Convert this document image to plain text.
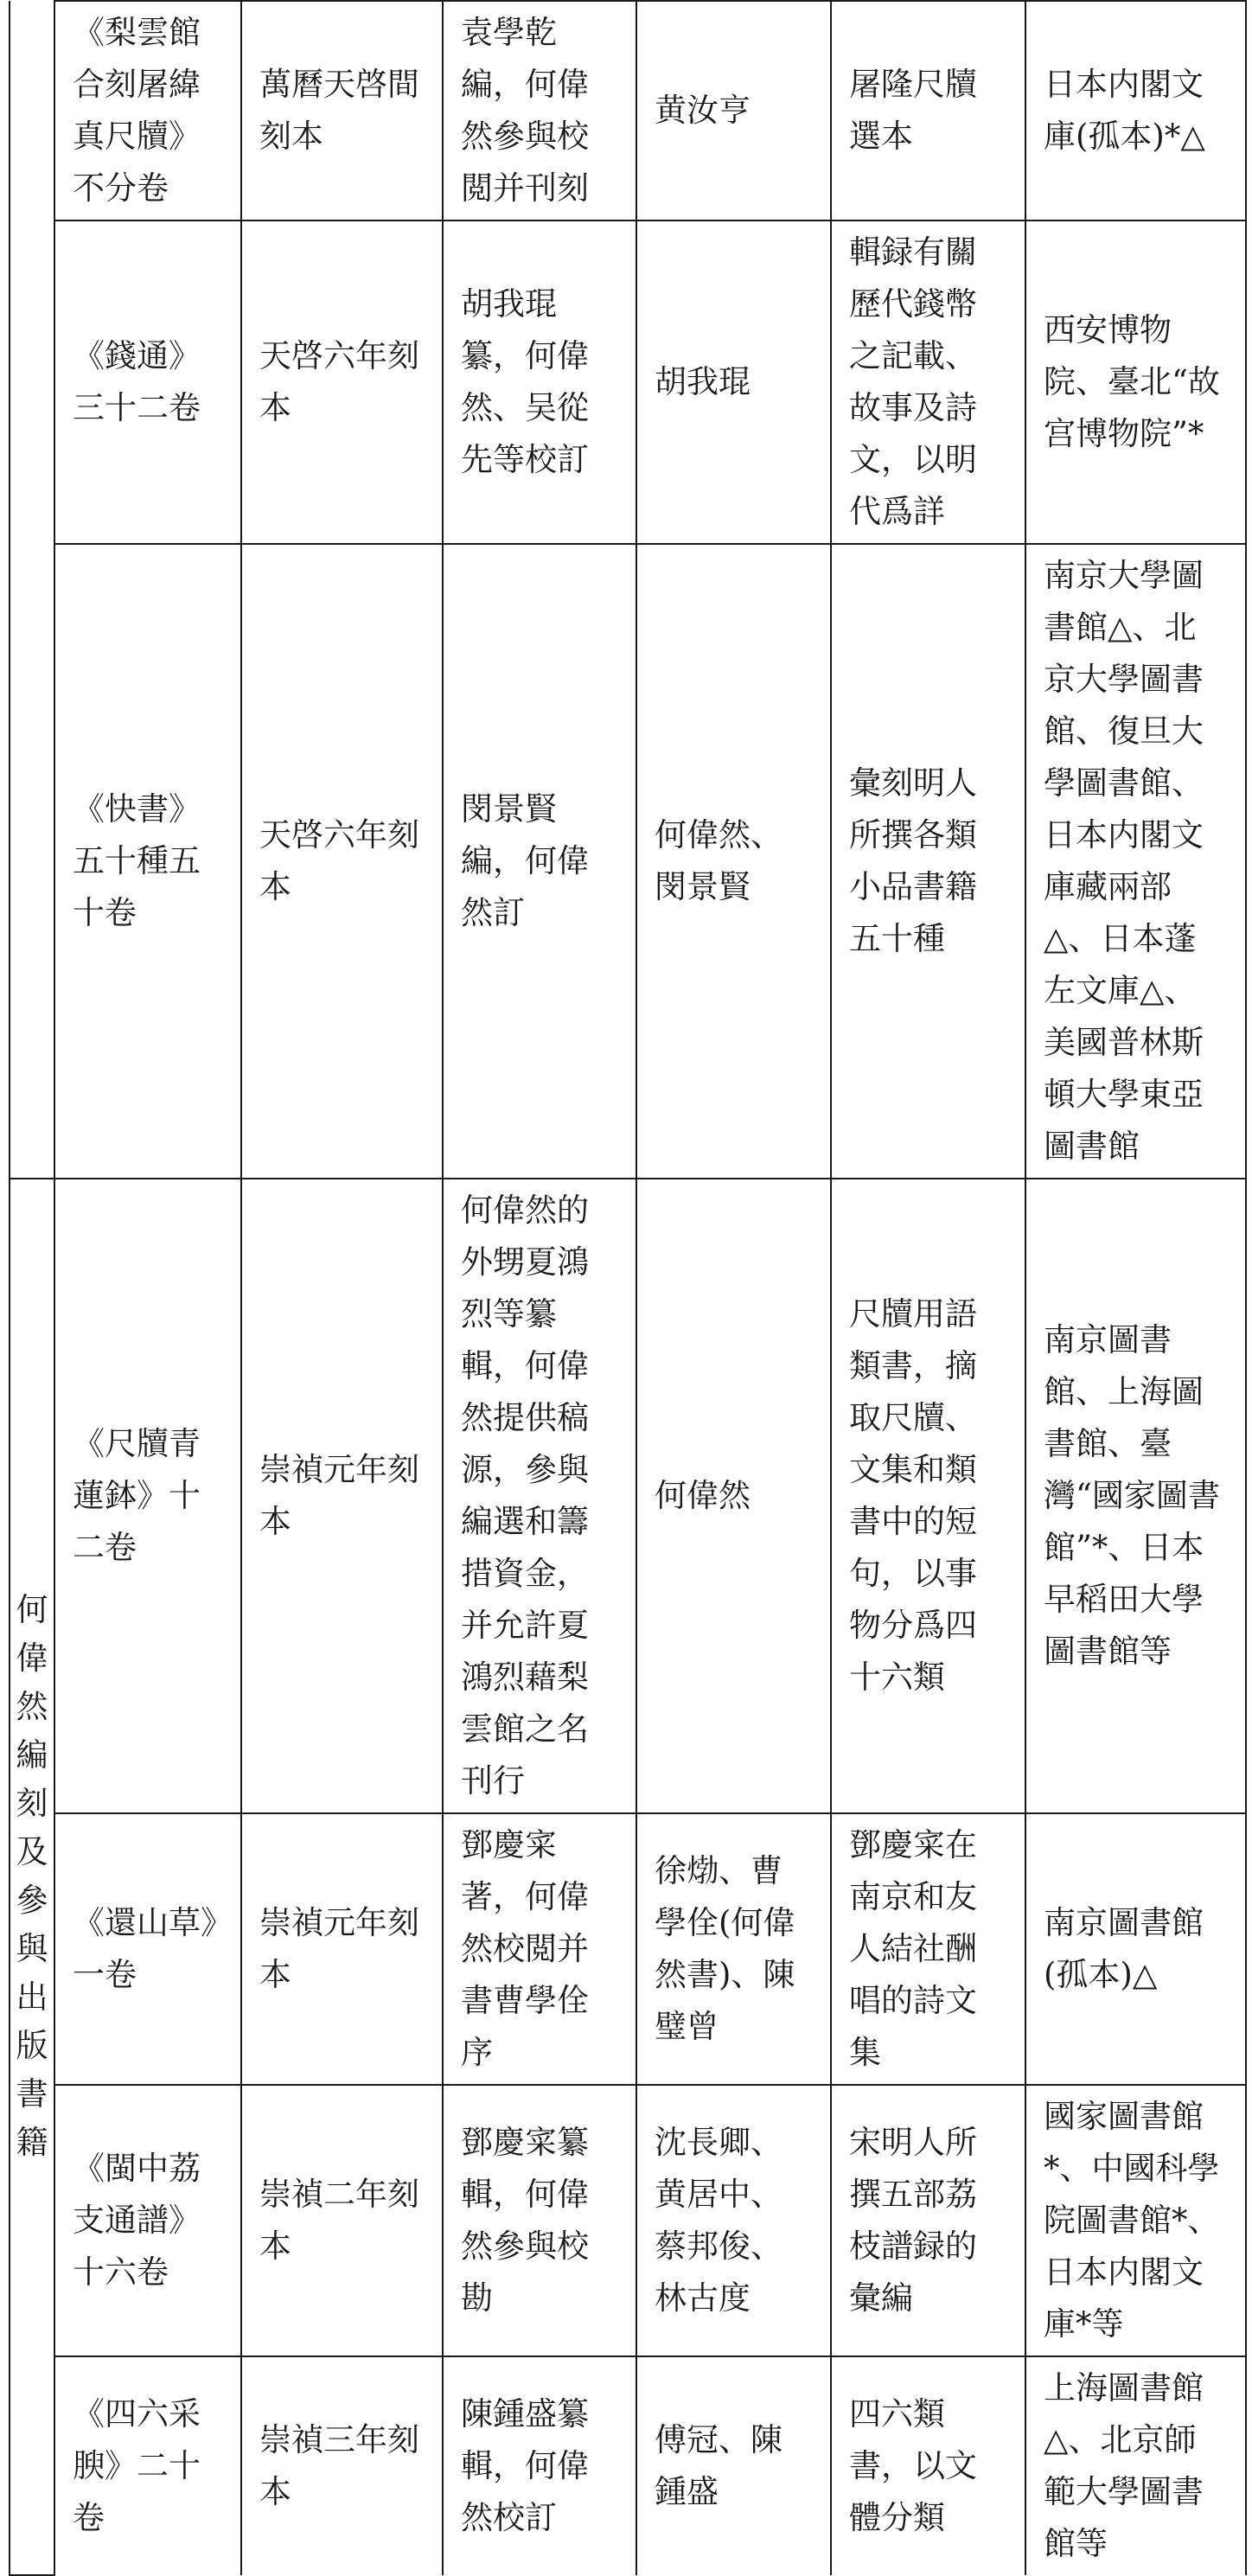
	《梨雲館合刻屠緯真尺牘》不分卷	萬曆天啓間刻本	袁學乾編，何偉然參與校閲并刊刻	黄汝亨	屠隆尺牘選本	日本内閣文庫(孤本)*△
	《錢通》三十二卷	天啓六年刻本	胡我琨纂，何偉然、吴從先等校訂	胡我琨	輯録有關歷代錢幣之記載、故事及詩文，以明代爲詳	西安博物院、臺北“故宫博物院”*
	《快書》五十種五十卷	天啓六年刻本	閔景賢編，何偉然訂	何偉然、閔景賢	彙刻明人所撰各類小品書籍五十種	南京大學圖書館△、北京大學圖書館、復旦大學圖書館、日本内閣文庫藏兩部△、日本蓬左文庫△、美國普林斯頓大學東亞圖書館
何偉然編刻及參與出版書籍	《尺牘青蓮鉢》十二卷	崇禎元年刻本	何偉然的外甥夏鴻烈等纂輯，何偉然提供稿源，參與編選和籌措資金，并允許夏鴻烈藉梨雲館之名刊行	何偉然	尺牘用語類書，摘取尺牘、文集和類書中的短句，以事物分爲四十六類	南京圖書館、上海圖書館、臺灣“國家圖書館”*、日本早稻田大學圖書館等
	《還山草》一卷	崇禎元年刻本	鄧慶寀著，何偉然校閲并書曹學佺序	徐𤊹、曹學佺(何偉然書)、陳璧曾	鄧慶寀在南京和友人結社酬唱的詩文集	南京圖書館(孤本)△
	《閩中荔支通譜》十六卷	崇禎二年刻本	鄧慶寀纂輯，何偉然參與校勘	沈長卿、黄居中、蔡邦俊、林古度	宋明人所撰五部荔枝譜録的彙編	國家圖書館*、中國科學院圖書館*、日本内閣文庫*等
	《四六采腴》二十卷	崇禎三年刻本	陳鍾盛纂輯，何偉然校訂	傅冠、陳鍾盛	四六類書，以文體分類	上海圖書館△、北京師範大學圖書館等
